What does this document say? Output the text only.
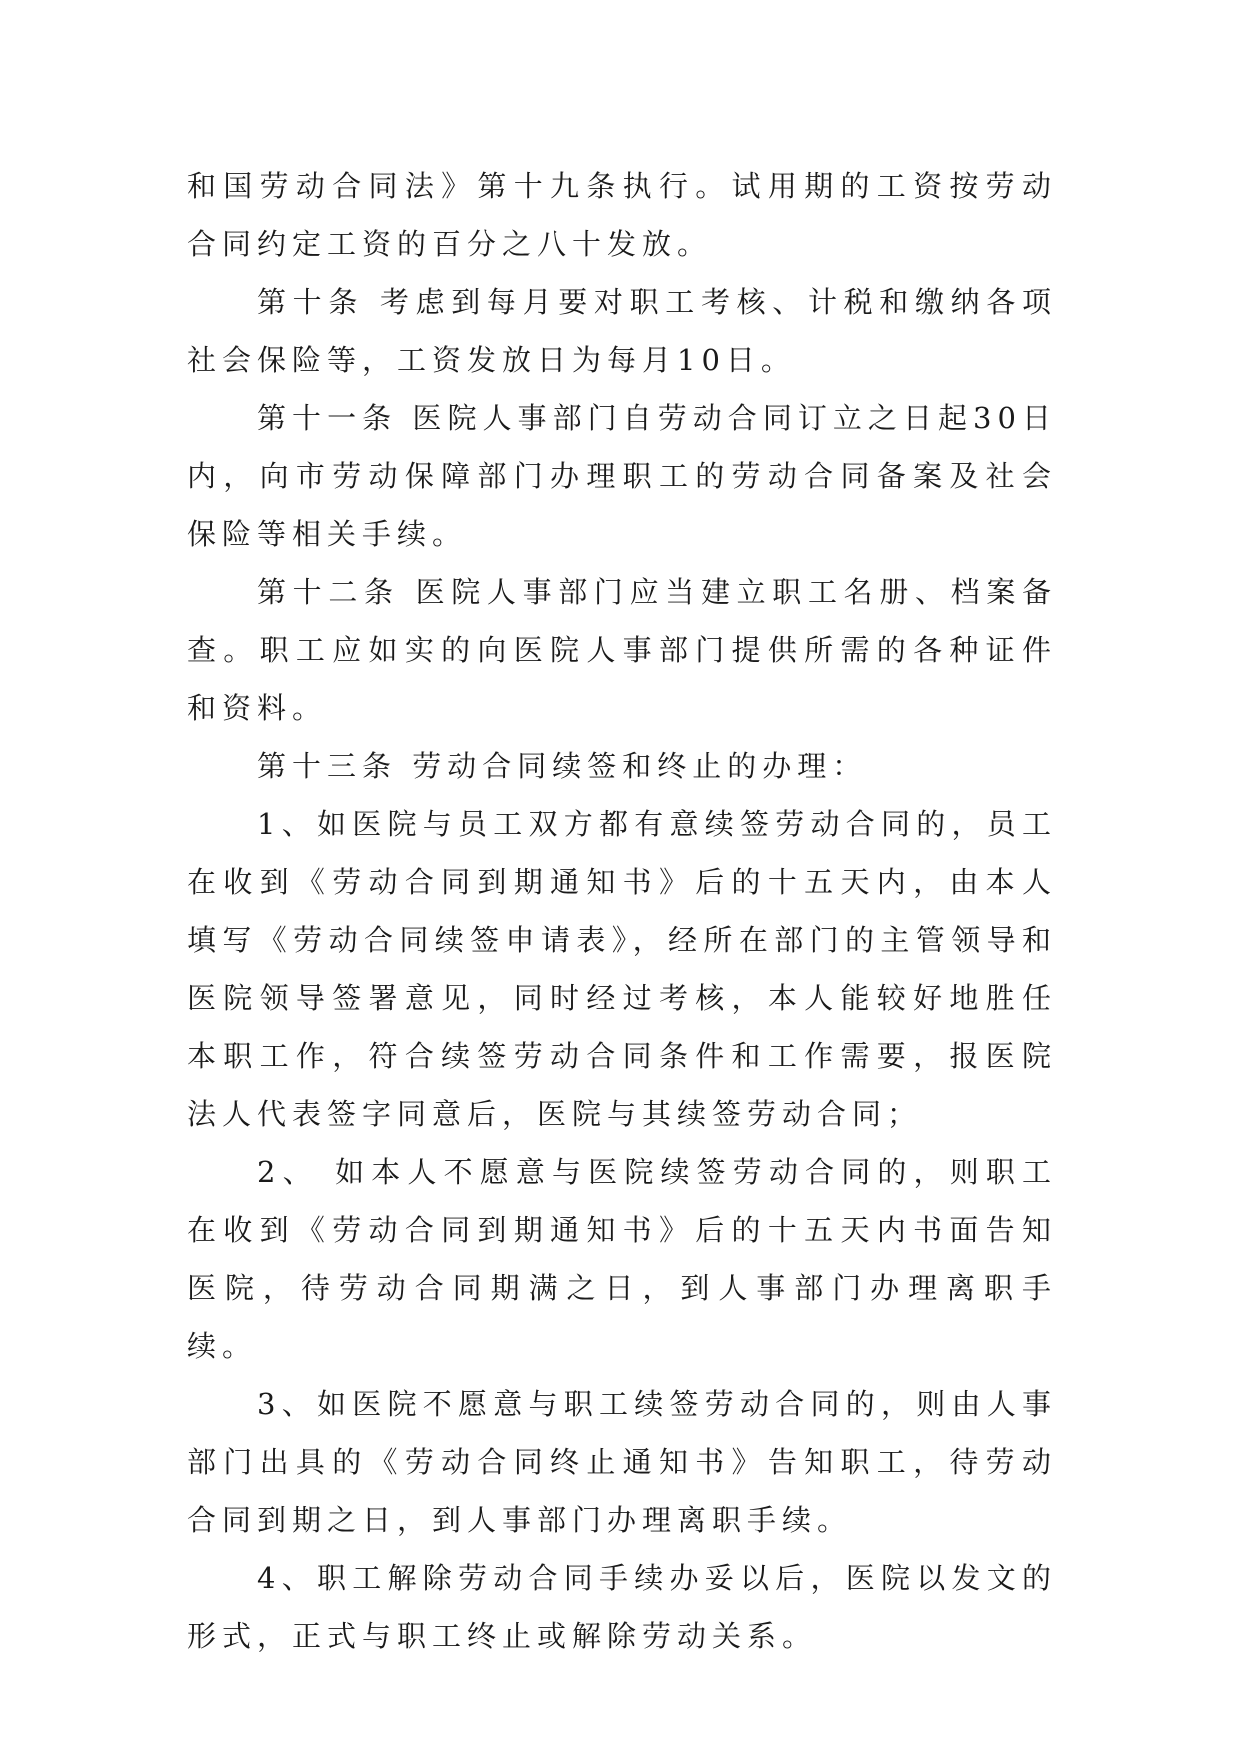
和国劳动合同法》第十九条执行。试用期的工资按劳动合同约定工资的百分之八十发放。

第十条 考虑到每月要对职工考核、计税和缴纳各项社会保险等，工资发放日为每月10日。

第十一条 医院人事部门自劳动合同订立之日起30日内，向市劳动保障部门办理职工的劳动合同备案及社会保险等相关手续。

第十二条 医院人事部门应当建立职工名册、档案备查。职工应如实的向医院人事部门提供所需的各种证件和资料。

第十三条 劳动合同续签和终止的办理：

1、如医院与员工双方都有意续签劳动合同的，员工在收到《劳动合同到期通知书》后的十五天内，由本人填写《劳动合同续签申请表》，经所在部门的主管领导和医院领导签署意见，同时经过考核，本人能较好地胜任本职工作，符合续签劳动合同条件和工作需要，报医院法人代表签字同意后，医院与其续签劳动合同；

2、 如本人不愿意与医院续签劳动合同的，则职工在收到《劳动合同到期通知书》后的十五天内书面告知医院，待劳动合同期满之日，到人事部门办理离职手续。

3、如医院不愿意与职工续签劳动合同的，则由人事部门出具的《劳动合同终止通知书》告知职工，待劳动合同到期之日，到人事部门办理离职手续。

4、职工解除劳动合同手续办妥以后，医院以发文的形式，正式与职工终止或解除劳动关系。
